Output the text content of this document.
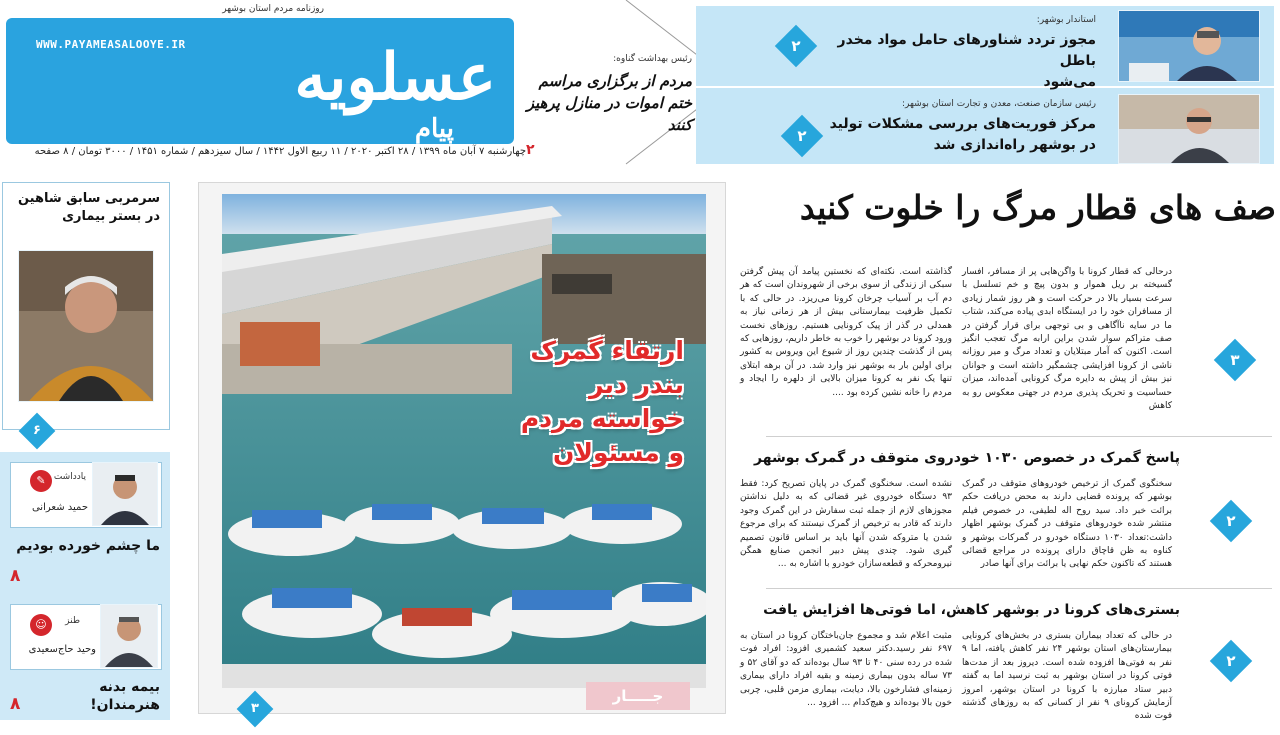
روزنامه مردم استان بوشهر
WWW.PAYAMEASALOOYE.IR عسلویه
پیام
چهارشنبه ۷ آبان ماه ۱۳۹۹ / ۲۸ اکتبر ۲۰۲۰ / ۱۱ ربیع الاول ۱۴۴۲ / سال سیزدهم / شماره ۱۴۵۱ / ۳۰۰۰ تومان / ۸ صفحه ۲
رئیس بهداشت گناوه:
مردم از برگزاری مراسم ختم اموات در منازل پرهیز کنند
استاندار بوشهر:
مجوز تردد شناورهای حامل مواد مخدر باطل
می‌شود
۲
رئیس سازمان صنعت، معدن و تجارت استان بوشهر:
مرکز فوریت‌های بررسی مشکلات تولید
در بوشهر راه‌اندازی شد
۲
سرمربی سابق شاهین در بستر بیماری
۶
✎ یادداشت
حمید شعرانی
ما چشم خورده بودیم
۸
☺	طنز
وحید حاج‌سعیدی
بیمه بدنه
هنرمندان!
۸
ارتقاء گمرک
بندر دیر
خواسته مردم
و مسئولان
جـــــار
۳
صف های قطار مرگ را خلوت کنید
درحالی که قطار کرونا با واگن‌هایی پر از مسافر، افسار گسیخته بر ریل هموار و بدون پیچ و خم تسلسل با سرعت بسیار بالا در حرکت است و هر روز شمار زیادی از مسافران خود را در ایستگاه ابدی پیاده می‌کند، شتاب ما در سایه ناآگاهی و بی توجهی برای قرار گرفتن در صف متراکم سوار شدن براین ارابه مرگ تعجب انگیز است. اکنون که آمار مبتلایان و تعداد مرگ و میر روزانه ناشی از کرونا افزایشی چشمگیر داشته است و جوانان نیز بیش از پیش به دایره مرگ کرونایی آمده‌اند، میزان حساسیت و تحریک پذیری مردم در جهتی معکوس رو به کاهش
گذاشته است. نکته‌ای که نخستین پیامد آن پیش گرفتن سبکی از زندگی از سوی برخی از شهروندان است که هر دم آب بر آسیاب چرخان کرونا می‌ریزد. در حالی که با تکمیل ظرفیت بیمارستانی بیش از هر زمانی نیاز به همدلی در گذر از پیک کرونایی هستیم. روزهای نخست ورود کرونا در بوشهر را خوب به خاطر داریم، روزهایی که پس از گذشت چندین روز از شیوع این ویروس به کشور برای اولین بار به بوشهر نیز وارد شد. در آن برهه ابتلای تنها یک نفر به کرونا میزان بالایی از دلهره را ایجاد و مردم را خانه نشین کرده بود ....
۳
پاسخ گمرک در خصوص ۱۰۳۰ خودروی متوقف در گمرک بوشهر
سخنگوی گمرک از ترخیص خودروهای متوقف در گمرک بوشهر که پرونده قضایی دارند به محض دریافت حکم برائت خبر داد. سید روح اله لطیفی، در خصوص فیلم منتشر شده خودروهای متوقف در گمرک بوشهر اظهار داشت:تعداد ۱۰۳۰ دستگاه خودرو در گمرکات بوشهر و کناوه به ظن قاچاق دارای پرونده در مراجع قضائی هستند که تاکنون حکم نهایی یا برائت برای آنها صادر
نشده است. سخنگوی گمرک در پایان تصریح کرد: فقط ۹۳ دستگاه خودروی غیر قضائی که به دلیل نداشتن مجوزهای لازم از جمله ثبت سفارش در این گمرک وجود دارند که قادر به ترخیص از گمرک نیستند که برای مرجوع شدن یا متروکه شدن آنها باید بر اساس قانون تصمیم گیری شود. چندی پیش دبیر انجمن صنایع همگن نیرومحرکه و قطعه‌سازان خودرو با اشاره به ...
۲
بستری‌های کرونا در بوشهر کاهش، اما فوتی‌ها افزایش یافت
در حالی که تعداد بیماران بستری در بخش‌های کرونایی بیمارستان‌های استان بوشهر ۲۴ نفر کاهش یافته، اما ۹ نفر به فوتی‌ها افزوده شده است. دیروز بعد از مدت‌ها فوتی کرونا در استان بوشهر به ثبت نرسید اما به گفته دبیر ستاد مبارزه با کرونا در استان بوشهر، امروز آزمایش کرونای ۹ نفر از کسانی که به روزهای گذشته فوت شده
مثبت اعلام شد و مجموع جان‌باختگان کرونا در استان به ۶۹۷ نفر رسید.دکتر سعید کشمیری افزود: افراد فوت شده در رده سنی ۴۰ تا ۹۳ سال بوده‌اند که دو آقای ۵۲ و ۷۳ ساله بدون بیماری زمینه و بقیه افراد دارای بیماری زمینه‌ای فشارخون بالا، دیابت، بیماری مزمن قلبی، چربی خون بالا بوده‌اند و هیچ‌کدام ... افزود ...
۲
